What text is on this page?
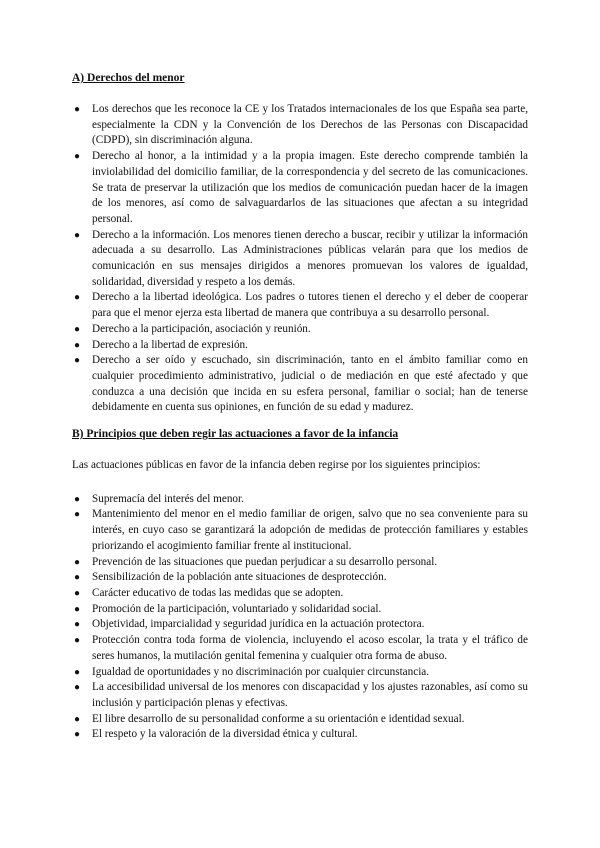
A) Derechos del menor

● Los derechos que les reconoce la CE y los Tratados internacionales de los que España sea parte, especialmente la CDN y la Convención de los Derechos de las Personas con Discapacidad (CDPD), sin discriminación alguna.
● Derecho al honor, a la intimidad y a la propia imagen. Este derecho comprende también la inviolabilidad del domicilio familiar, de la correspondencia y del secreto de las comunicaciones. Se trata de preservar la utilización que los medios de comunicación puedan hacer de la imagen de los menores, así como de salvaguardarlos de las situaciones que afectan a su integridad personal.
● Derecho a la información. Los menores tienen derecho a buscar, recibir y utilizar la información adecuada a su desarrollo. Las Administraciones públicas velarán para que los medios de comunicación en sus mensajes dirigidos a menores promuevan los valores de igualdad, solidaridad, diversidad y respeto a los demás.
● Derecho a la libertad ideológica. Los padres o tutores tienen el derecho y el deber de cooperar para que el menor ejerza esta libertad de manera que contribuya a su desarrollo personal.
● Derecho a la participación, asociación y reunión.
● Derecho a la libertad de expresión.
● Derecho a ser oído y escuchado, sin discriminación, tanto en el ámbito familiar como en cualquier procedimiento administrativo, judicial o de mediación en que esté afectado y que conduzca a una decisión que incida en su esfera personal, familiar o social; han de tenerse debidamente en cuenta sus opiniones, en función de su edad y madurez.

B) Principios que deben regir las actuaciones a favor de la infancia

Las actuaciones públicas en favor de la infancia deben regirse por los siguientes principios:

● Supremacía del interés del menor.
● Mantenimiento del menor en el medio familiar de origen, salvo que no sea conveniente para su interés, en cuyo caso se garantizará la adopción de medidas de protección familiares y estables priorizando el acogimiento familiar frente al institucional.
● Prevención de las situaciones que puedan perjudicar a su desarrollo personal.
● Sensibilización de la población ante situaciones de desprotección.
● Carácter educativo de todas las medidas que se adopten.
● Promoción de la participación, voluntariado y solidaridad social.
● Objetividad, imparcialidad y seguridad jurídica en la actuación protectora.
● Protección contra toda forma de violencia, incluyendo el acoso escolar, la trata y el tráfico de seres humanos, la mutilación genital femenina y cualquier otra forma de abuso.
● Igualdad de oportunidades y no discriminación por cualquier circunstancia.
● La accesibilidad universal de los menores con discapacidad y los ajustes razonables, así como su inclusión y participación plenas y efectivas.
● El libre desarrollo de su personalidad conforme a su orientación e identidad sexual.
● El respeto y la valoración de la diversidad étnica y cultural.
